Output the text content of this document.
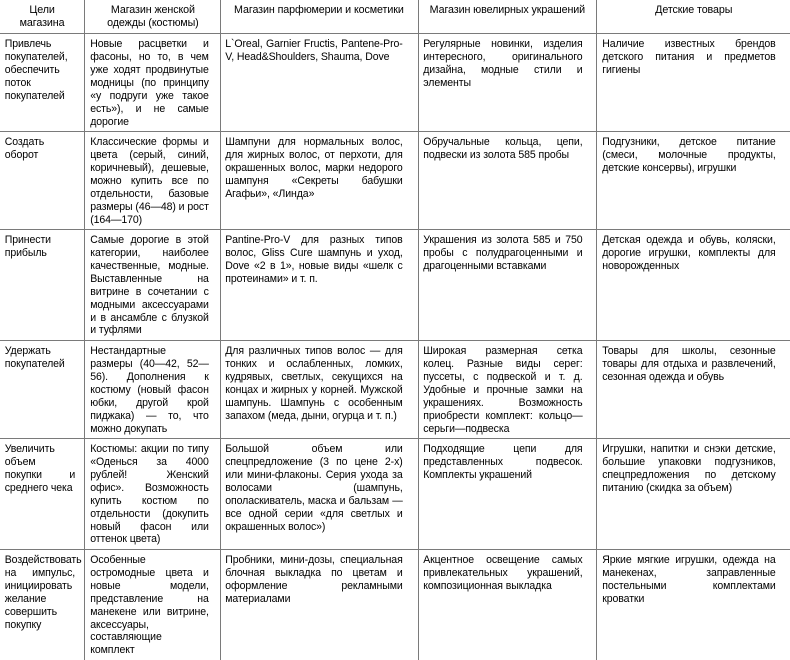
Цели магазина	Магазин женской одежды (костюмы)	Магазин парфюмерии и косметики	Магазин ювелирных украшений	Детские товары
Привлечь покупателей, обеспечить поток покупателей	Новые расцветки и фасоны, но то, в чем уже ходят продвинутые модницы (по принципу «у подруги уже такое есть»), и не самые дорогие	L`Oreal, Garnier Fructis, Pantene-Pro-V, Head&Shoulders, Shauma, Dove	Регулярные новинки, изделия интересного, оригинального дизайна, модные стили и элементы	Наличие известных брендов детского питания и предметов гигиены
Создать оборот	Классические формы и цвета (серый, синий, коричневый), дешевые, можно купить все по отдельности, базовые размеры (46—48) и рост (164—170)	Шампуни для нормальных волос, для жирных волос, от перхоти, для окрашенных волос, марки недорого шампуня «Секреты бабушки Агафьи», «Линда»	Обручальные кольца, цепи, подвески из золота 585 пробы	Подгузники, детское питание (смеси, молочные продукты, детские консервы), игрушки
Принести прибыль	Самые дорогие в этой категории, наиболее качественные, модные. Выставленные на витрине в сочетании с модными аксессуарами и в ансамбле с блузкой и туфлями	Pantine-Pro-V для разных типов волос, Gliss Cure шампунь и уход, Dove «2 в 1», новые виды «шелк с протеинами» и т. п.	Украшения из золота 585 и 750 пробы с полудрагоценными и драгоценными вставками	Детская одежда и обувь, коляски, дорогие игрушки, комплекты для новорожденных
Удержать покупателей	Нестандартные размеры (40—42, 52—56). Дополнения к костюму (новый фасон юбки, другой крой пиджака) — то, что можно докупать	Для различных типов волос — для тонких и ослабленных, ломких, кудрявых, светлых, секущихся на концах и жирных у корней. Мужской шампунь. Шампунь с особенным запахом (меда, дыни, огурца и т. п.)	Широкая размерная сетка колец. Разные виды серег: пуссеты, с подвеской и т. д. Удобные и прочные замки на украшениях. Возможность приобрести комплект: кольцо—серьги—подвеска	Товары для школы, сезонные товары для отдыха и развлечений, сезонная одежда и обувь
Увеличить объем покупки и среднего чека	Костюмы: акции по типу «Оденься за 4000 рублей! Женский офис». Возможность купить костюм по отдельности (докупить новый фасон или оттенок цвета)	Большой объем или спецпредложение (3 по цене 2-х) или мини-флаконы. Серия ухода за волосами (шампунь, ополаскиватель, маска и бальзам — все одной серии «для светлых и окрашенных волос»)	Подходящие цепи для представленных подвесок. Комплекты украшений	Игрушки, напитки и снэки детские, большие упаковки подгузников, спецпредложения по детскому питанию (скидка за объем)
Воздействовать на импульс, инициировать желание совершить покупку	Особенные остромодные цвета и новые модели, представление на манекене или витрине, аксессуары, составляющие комплект	Пробники, мини-дозы, специальная блочная выкладка по цветам и оформление рекламными материалами	Акцентное освещение самых привлекательных украшений, композиционная выкладка	Яркие мягкие игрушки, одежда на манекенах, заправленные постельными комплектами кроватки
